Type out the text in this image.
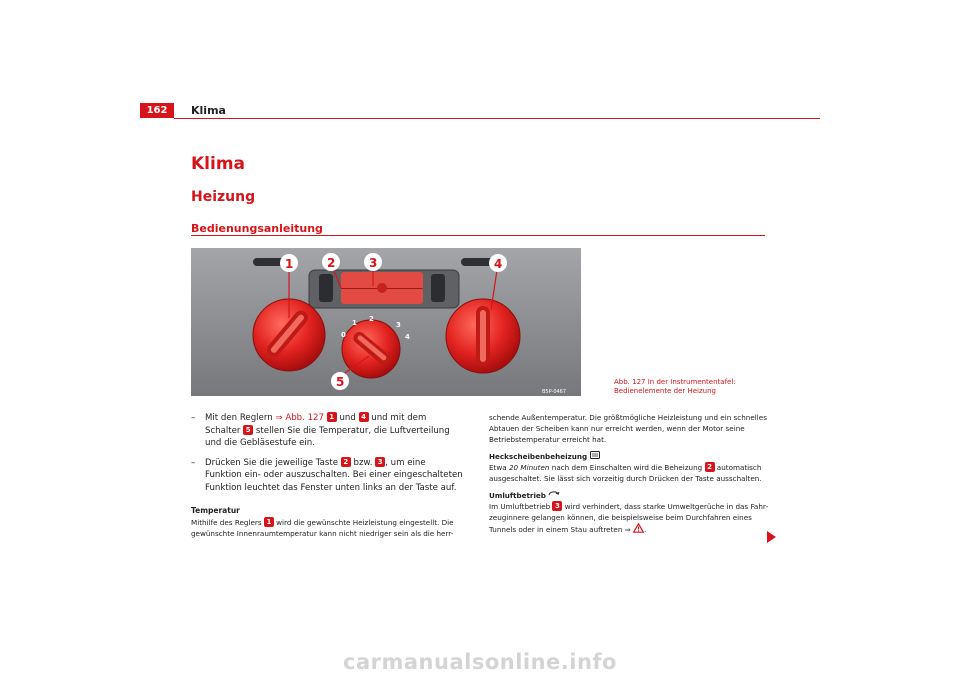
162	Klima
Klima
Heizung
Bedienungsanleitung
0
1 2
3
4
1	2	3	4
5
B5P-0467
Abb. 127 In der Instrumententafel: Bedienelemente der Heizung
– Mit den Reglern ⇒ Abb. 127 1 und 4 und mit dem Schalter 5 stellen Sie die Temperatur, die Luftverteilung und die Gebläsestufe ein.
– Drücken Sie die jeweilige Taste 2 bzw. 3 , um eine Funktion ein- oder auszuschalten. Bei einer eingeschalteten Funktion leuchtet das Fenster unten links an der Taste auf.
Temperatur
Mithilfe des Reglers 1 wird die gewünschte Heizleistung eingestellt. Die gewünschte Innenraumtemperatur kann nicht niedriger sein als die herr-
schende Außentemperatur. Die größtmögliche Heizleistung und ein schnelles Abtauen der Scheiben kann nur erreicht werden, wenn der Motor seine Betriebstemperatur erreicht hat.
Heckscheibenbeheizung
Etwa 20 Minuten nach dem Einschalten wird die Beheizung 2 automatisch ausgeschaltet. Sie lässt sich vorzeitig durch Drücken der Taste ausschalten.
Umluftbetrieb
Im Umluftbetrieb 3 wird verhindert, dass starke Umweltgerüche in das Fahrzeuginnere gelangen können, die beispielsweise beim Durchfahren eines Tunnels oder in einem Stau auftreten ⇒ .
carmanualsonline.info
